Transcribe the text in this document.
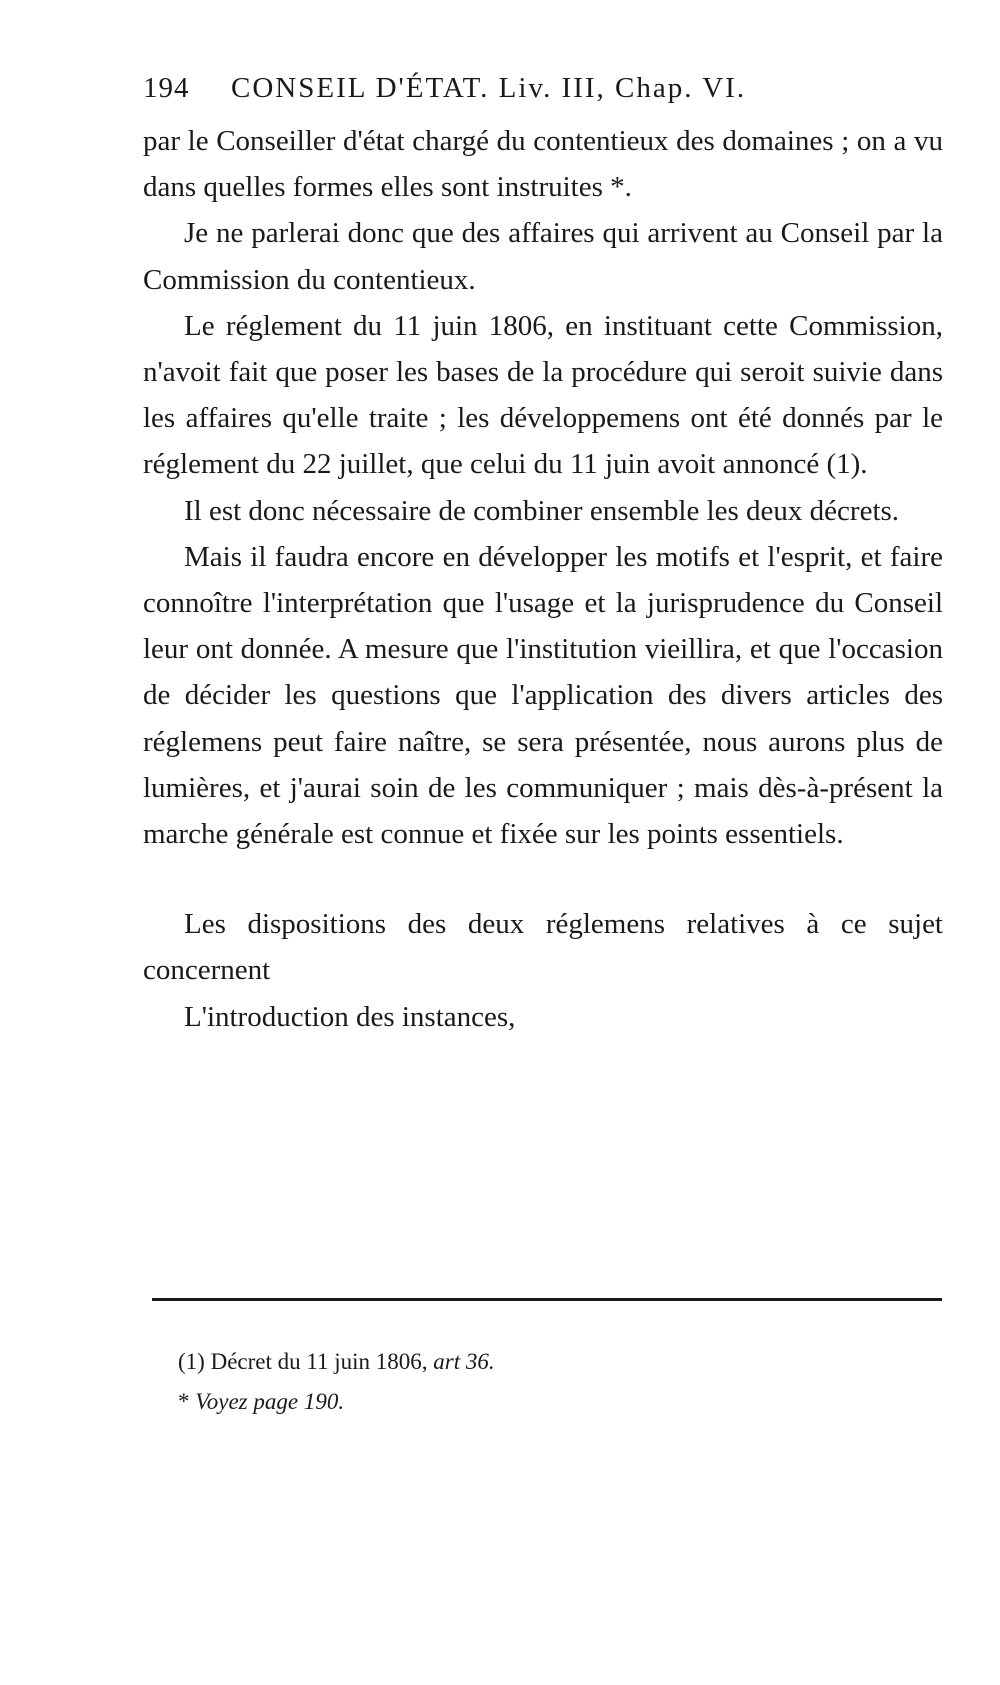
194 CONSEIL D'ÉTAT. Liv. III, Chap. VI.

par le Conseiller d'état chargé du contentieux des domaines ; on a vu dans quelles formes elles sont instruites *.

Je ne parlerai donc que des affaires qui arrivent au Conseil par la Commission du contentieux.

Le réglement du 11 juin 1806, en instituant cette Commission, n'avoit fait que poser les bases de la procédure qui seroit suivie dans les affaires qu'elle traite ; les développemens ont été donnés par le réglement du 22 juillet, que celui du 11 juin avoit annoncé (1).

Il est donc nécessaire de combiner ensemble les deux décrets.

Mais il faudra encore en développer les motifs et l'esprit, et faire connoître l'interprétation que l'usage et la jurisprudence du Conseil leur ont donnée. A mesure que l'institution vieillira, et que l'occasion de décider les questions que l'application des divers articles des réglemens peut faire naître, se sera présentée, nous aurons plus de lumières, et j'aurai soin de les communiquer ; mais dès-à-présent la marche générale est connue et fixée sur les points essentiels.

Les dispositions des deux réglemens relatives à ce sujet concernent

L'introduction des instances,

(1) Décret du 11 juin 1806, art 36.
* Voyez page 190.
